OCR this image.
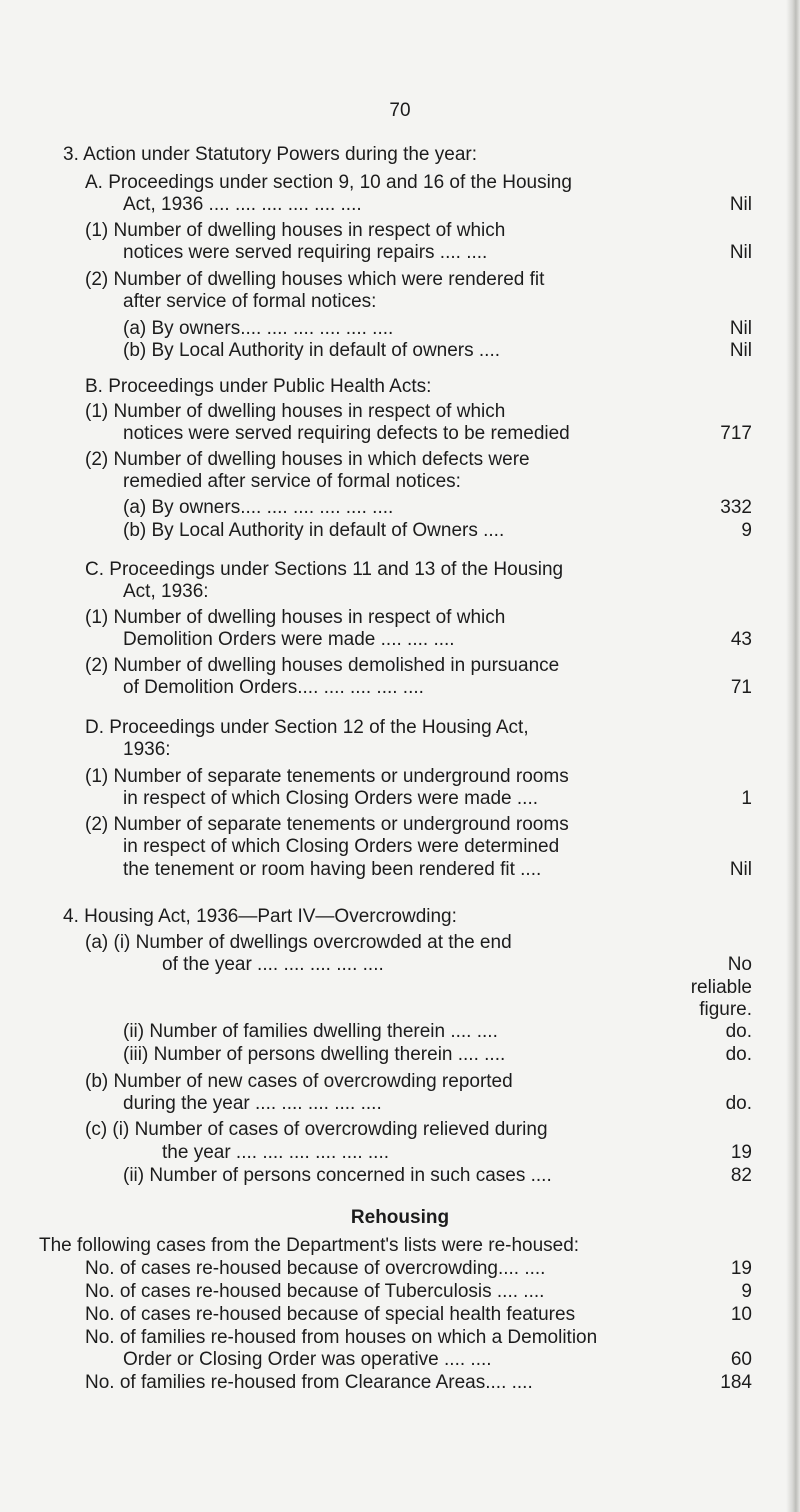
70
3. Action under Statutory Powers during the year:
A. Proceedings under section 9, 10 and 16 of the Housing
Act, 1936 .... .... .... .... .... ....	Nil
(1) Number of dwelling houses in respect of which
notices were served requiring repairs .... ....	Nil
(2) Number of dwelling houses which were rendered fit
after service of formal notices:
(a) By owners.... .... .... .... .... ....	Nil
(b) By Local Authority in default of owners ....	Nil
B. Proceedings under Public Health Acts:
(1) Number of dwelling houses in respect of which
notices were served requiring defects to be remedied	717
(2) Number of dwelling houses in which defects were
remedied after service of formal notices:
(a) By owners.... .... .... .... .... ....	332
(b) By Local Authority in default of Owners ....	9
C. Proceedings under Sections 11 and 13 of the Housing
Act, 1936:
(1) Number of dwelling houses in respect of which
Demolition Orders were made .... .... ....	43
(2) Number of dwelling houses demolished in pursuance
of Demolition Orders.... .... .... .... ....	71
D. Proceedings under Section 12 of the Housing Act,
1936:
(1) Number of separate tenements or underground rooms
in respect of which Closing Orders were made ....	1
(2) Number of separate tenements or underground rooms
in respect of which Closing Orders were determined
the tenement or room having been rendered fit ....	Nil
4. Housing Act, 1936—Part IV—Overcrowding:
(a) (i) Number of dwellings overcrowded at the end
of the year .... .... .... .... ....	No
reliable
figure.
(ii) Number of families dwelling therein .... ....	do.
(iii) Number of persons dwelling therein .... ....	do.
(b) Number of new cases of overcrowding reported
during the year .... .... .... .... ....	do.
(c) (i) Number of cases of overcrowding relieved during
the year .... .... .... .... .... ....	19
(ii) Number of persons concerned in such cases ....	82
Rehousing
The following cases from the Department's lists were re-housed:
No. of cases re-housed because of overcrowding.... ....	19
No. of cases re-housed because of Tuberculosis .... ....	9
No. of cases re-housed because of special health features	10
No. of families re-housed from houses on which a Demolition
Order or Closing Order was operative .... ....	60
No. of families re-housed from Clearance Areas.... ....	184
